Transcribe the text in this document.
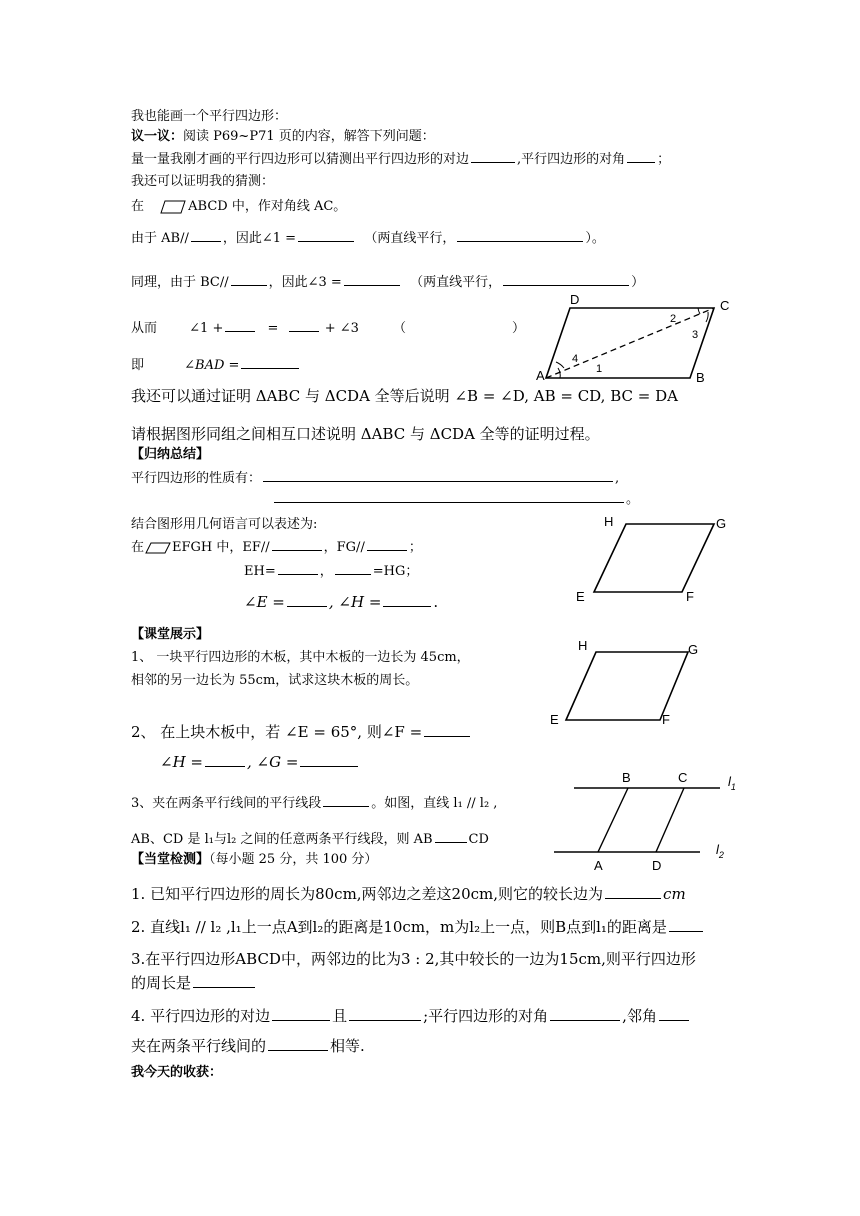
我也能画一个平行四边形：
议一议：阅读 P69~P71 页的内容，解答下列问题：
量一量我刚才画的平行四边形可以猜测出平行四边形的对边	,平行四边形的对角 ；
我还可以证明我的猜测：
在	ABCD 中，作对角线 AC。
由于 AB//	，因此∠1 =	（两直线平行，	）。
同理，由于 BC//	，因此∠3 =	（两直线平行，	）
从而 ∠1 +	=	+ ∠3	（	）
即	∠BAD =
我还可以通过证明 ΔABC 与 ΔCDA 全等后说明 ∠B = ∠D, AB = CD, BC = DA
请根据图形同组之间相互口述说明 ΔABC 与 ΔCDA 全等的证明过程。
【归纳总结】
平行四边形的性质有：	,
。
结合图形用几何语言可以表述为:
在 EFGH 中，EF//	，FG//	；
EH=	，	=HG；
∠E =	, ∠H =	.
【课堂展示】
1、 一块平行四边形的木板，其中木板的一边长为 45cm，
相邻的另一边长为 55cm，试求这块木板的周长。
2、 在上块木板中，若 ∠E = 65°, 则∠F =
∠H =	, ∠G =
3、夹在两条平行线间的平行线段	。如图，直线 l₁ // l₂ ,
AB、CD 是 l₁与l₂ 之间的任意两条平行线段，则 AB	CD
【当堂检测】（每小题 25 分，共 100 分）
1. 已知平行四边形的周长为80cm,两邻边之差这20cm,则它的较长边为	cm
2. 直线l₁ // l₂ ,l₁上一点A到l₂的距离是10cm，m为l₂上一点，则B点到l₁的距离是
3.在平行四边形ABCD中，两邻边的比为3 : 2,其中较长的一边为15cm,则平行四边形
的周长是
4. 平行四边形的对边	且	;平行四边形的对角	,邻角
夹在两条平行线间的	相等.
我今天的收获：
A	B
C
D
1
2
3
4
E	F
G
H
E	F
G
H
B	C
A	D
$l_1$
$l_2$
